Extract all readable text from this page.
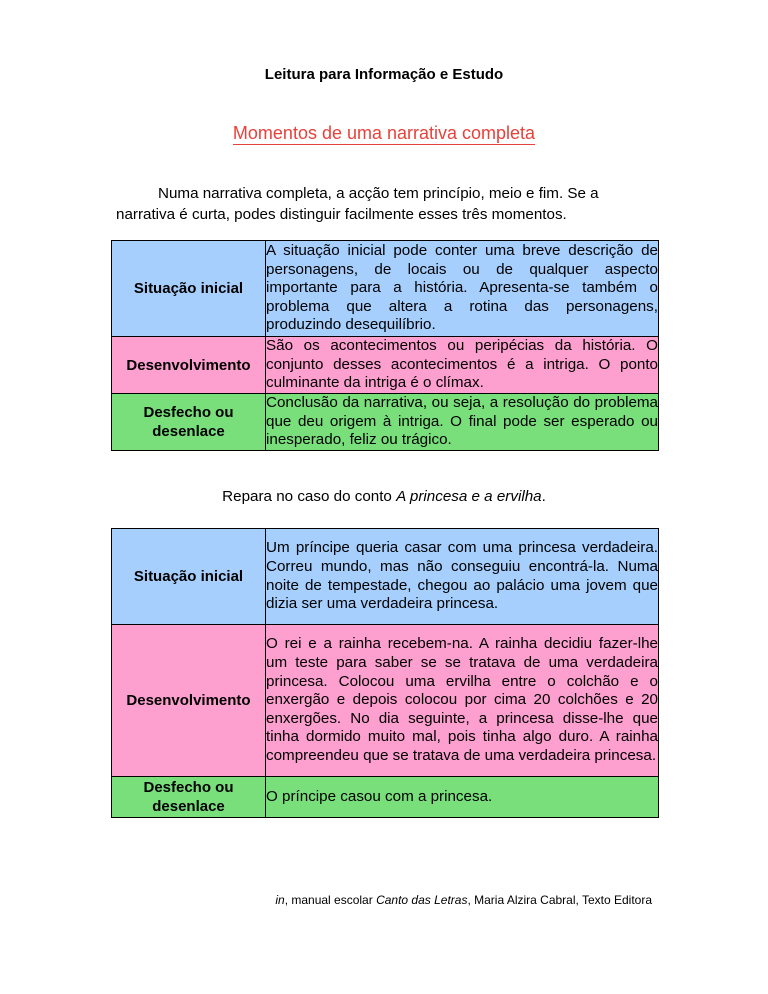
Leitura para Informação e Estudo
Momentos de uma narrativa completa
Numa narrativa completa, a acção tem princípio, meio e fim. Se a narrativa é curta, podes distinguir facilmente esses três momentos.
Situação inicial	A situação inicial pode conter uma breve descrição de personagens, de locais ou de qualquer aspecto importante para a história. Apresenta-se também o problema que altera a rotina das personagens, produzindo desequilíbrio.
Desenvolvimento	São os acontecimentos ou peripécias da história. O conjunto desses acontecimentos é a intriga. O ponto culminante da intriga é o clímax.
Desfecho ou desenlace	Conclusão da narrativa, ou seja, a resolução do problema que deu origem à intriga. O final pode ser esperado ou inesperado, feliz ou trágico.
Repara no caso do conto A princesa e a ervilha.
Situação inicial	Um príncipe queria casar com uma princesa verdadeira. Correu mundo, mas não conseguiu encontrá-la. Numa noite de tempestade, chegou ao palácio uma jovem que dizia ser uma verdadeira princesa.
Desenvolvimento	O rei e a rainha recebem-na. A rainha decidiu fazer-lhe um teste para saber se se tratava de uma verdadeira princesa. Colocou uma ervilha entre o colchão e o enxergão e depois colocou por cima 20 colchões e 20 enxergões. No dia seguinte, a princesa disse-lhe que tinha dormido muito mal, pois tinha algo duro. A rainha compreendeu que se tratava de uma verdadeira princesa.
Desfecho ou desenlace	O príncipe casou com a princesa.
in, manual escolar Canto das Letras, Maria Alzira Cabral, Texto Editora
